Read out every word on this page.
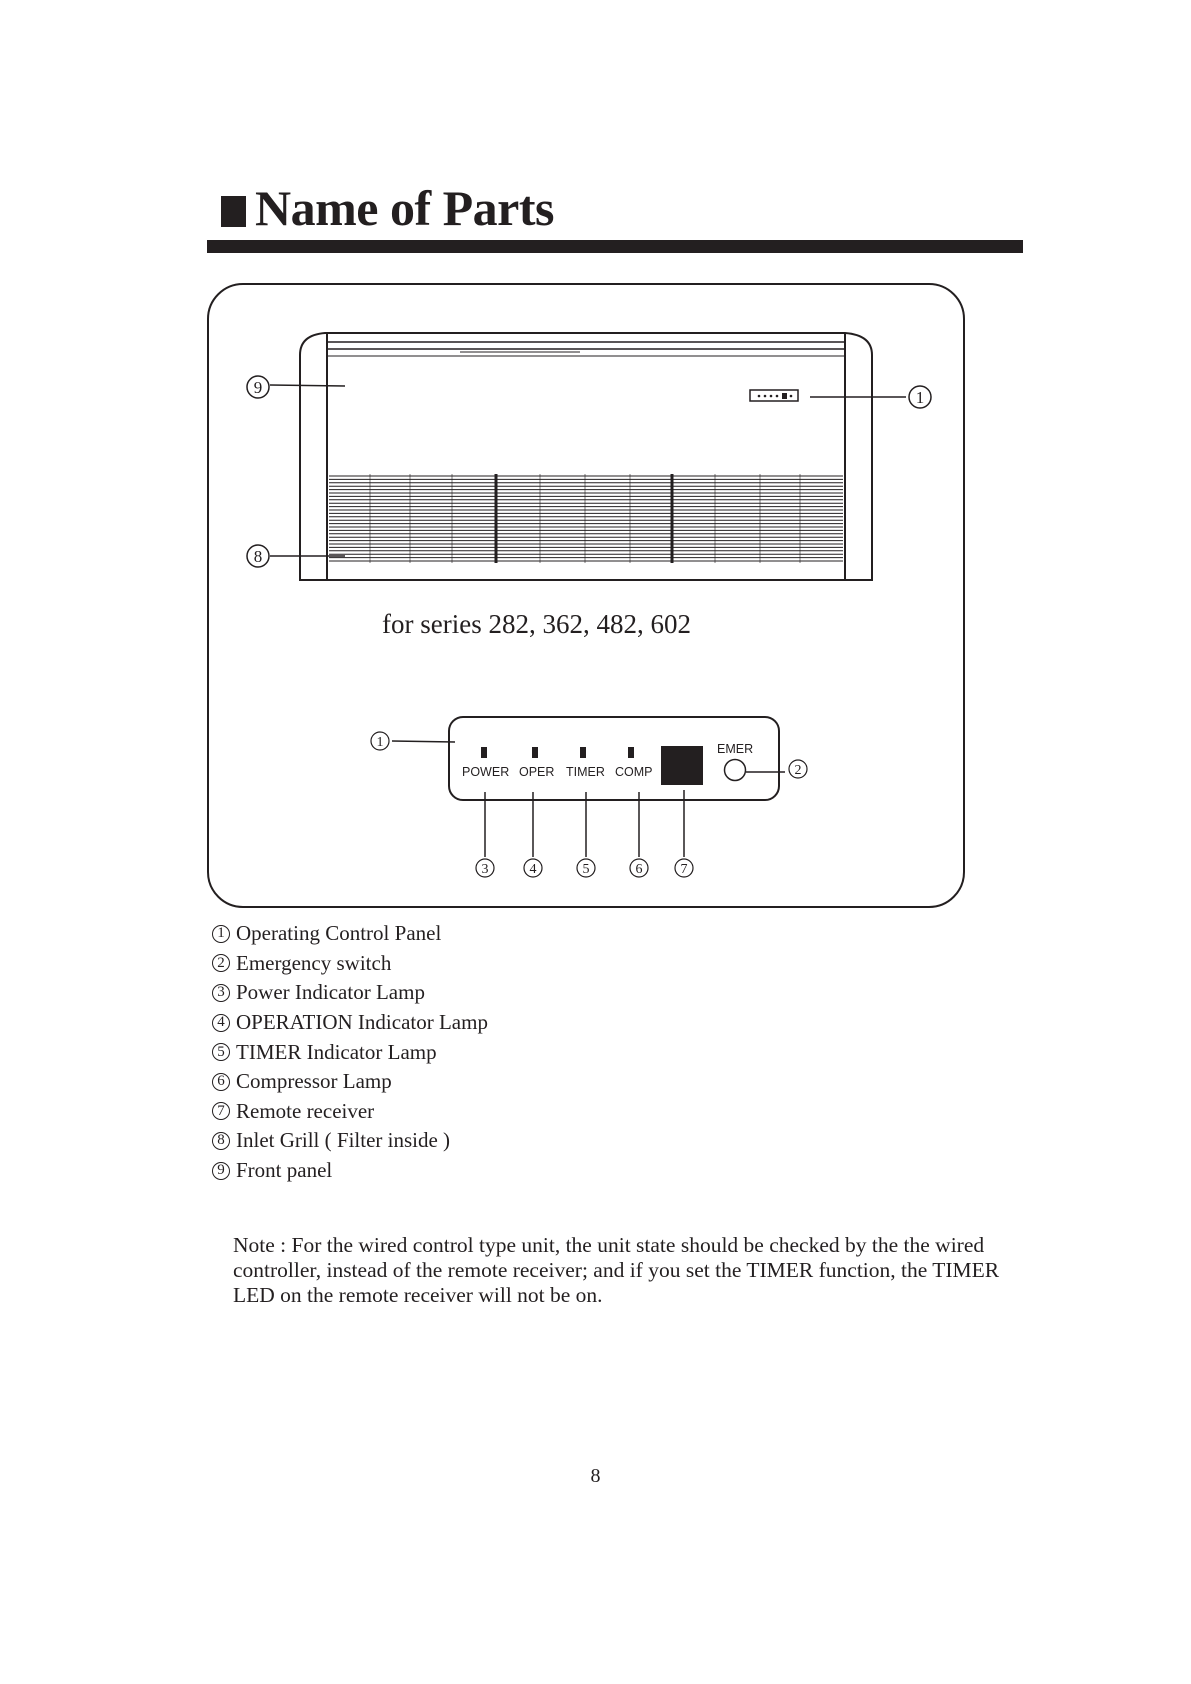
Name of Parts
9
8
1
1
2
3	4	5	6	7
for series 282, 362, 482, 602
POWER OPER TIMER COMP
EMER
1 Operating Control Panel
2 Emergency switch
3 Power Indicator Lamp
4 OPERATION Indicator Lamp
5 TIMER Indicator Lamp
6 Compressor Lamp
7 Remote receiver
8 Inlet Grill ( Filter inside )
9 Front panel

Note : For the wired control type unit, the unit state should be checked by the the wired controller, instead of the remote receiver; and if you set the TIMER function, the TIMER LED on the remote receiver will not be on.

8
